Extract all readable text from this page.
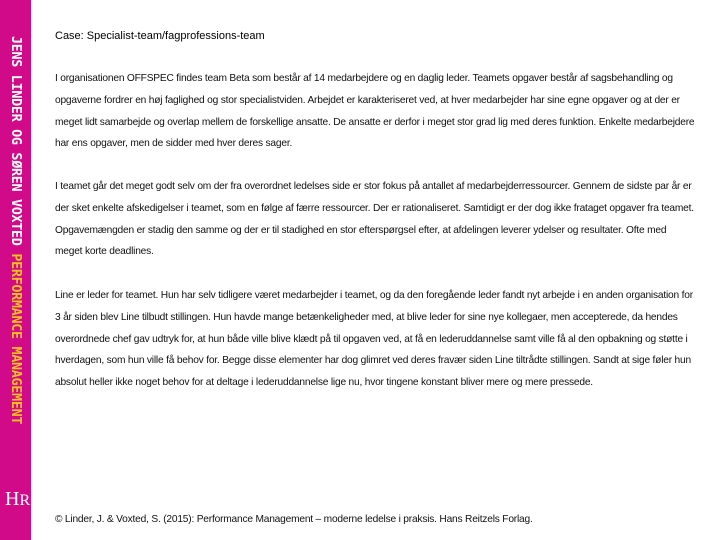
JENS LINDER OG SØREN VOXTED PERFORMANCE MANAGEMENT
HR
Case: Specialist-team/fagprofessions-team
I organisationen OFFSPEC findes team Beta som består af 14 medarbejdere og en daglig leder. Teamets opgaver består af sagsbehandling og opgaverne fordrer en høj faglighed og stor specialistviden. Arbejdet er karakteriseret ved, at hver medarbejder har sine egne opgaver og at der er meget lidt samarbejde og overlap mellem de forskellige ansatte. De ansatte er derfor i meget stor grad lig med deres funktion. Enkelte medarbejdere har ens opgaver, men de sidder med hver deres sager.
I teamet går det meget godt selv om der fra overordnet ledelses side er stor fokus på antallet af medarbejderressourcer. Gennem de sidste par år er der sket enkelte afskedigelser i teamet, som en følge af færre ressourcer. Der er rationaliseret. Samtidigt er der dog ikke frataget opgaver fra teamet. Opgavemængden er stadig den samme og der er til stadighed en stor efterspørgsel efter, at afdelingen leverer ydelser og resultater. Ofte med meget korte deadlines.
Line er leder for teamet. Hun har selv tidligere været medarbejder i teamet, og da den foregående leder fandt nyt arbejde i en anden organisation for 3 år siden blev Line tilbudt stillingen. Hun havde mange betænkeligheder med, at blive leder for sine nye kollegaer, men accepterede, da hendes overordnede chef gav udtryk for, at hun både ville blive klædt på til opgaven ved, at få en lederuddannelse samt ville få al den opbakning og støtte i hverdagen, som hun ville få behov for. Begge disse elementer har dog glimret ved deres fravær siden Line tiltrådte stillingen. Sandt at sige føler hun absolut heller ikke noget behov for at deltage i lederuddannelse lige nu, hvor tingene konstant bliver mere og mere pressede.
© Linder, J. & Voxted, S. (2015): Performance Management – moderne ledelse i praksis. Hans Reitzels Forlag.
